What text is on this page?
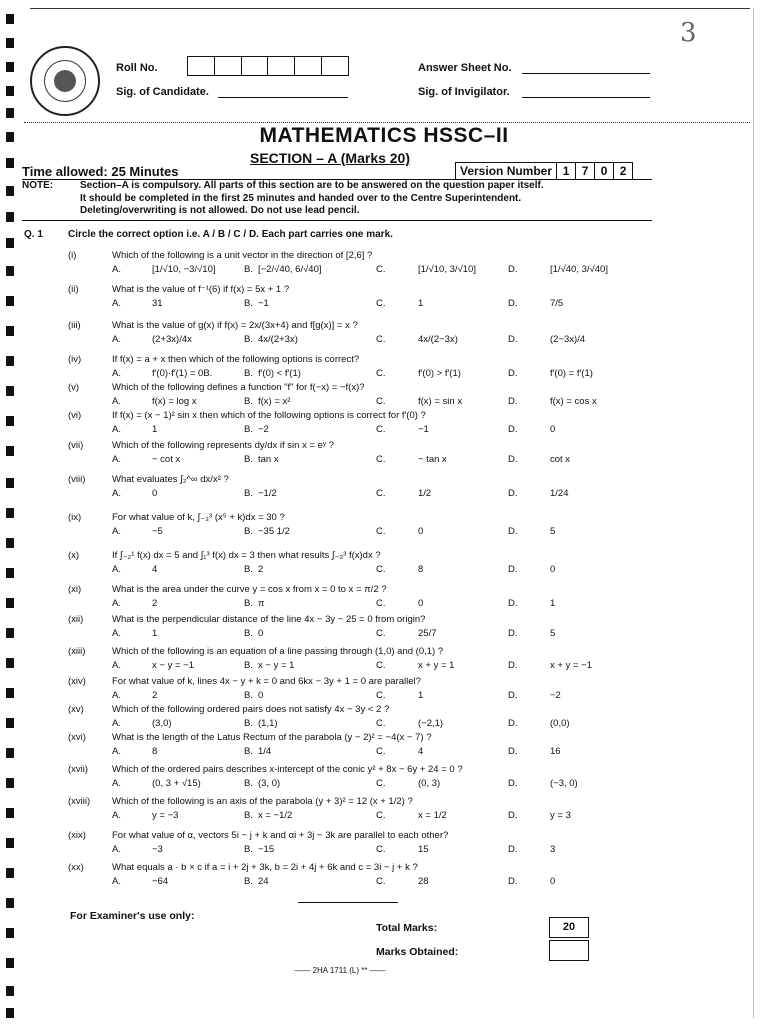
3
Roll No.
Sig. of Candidate.
Answer Sheet No.
Sig. of Invigilator.
MATHEMATICS HSSC–II
SECTION – A (Marks 20)
Time allowed: 25 Minutes	Version Number 1	7	0	2
NOTE:	Section–A is compulsory. All parts of this section are to be answered on the question paper itself.
It should be completed in the first 25 minutes and handed over to the Centre Superintendent.
Deleting/overwriting is not allowed. Do not use lead pencil.
Q. 1	Circle the correct option i.e. A / B / C / D. Each part carries one mark.
(i)	Which of the following is a unit vector in the direction of [2,6] ?
A.	[1/√10, −3/√10]	B. [−2/√40, 6/√40]	C.	[1/√10, 3/√10]	D.	[1/√40, 3/√40]
(ii)	What is the value of f⁻¹(6) if f(x) = 5x + 1 ?
A.	31	B. −1	C.	1	D.	7/5
(iii)	What is the value of g(x) if f(x) = 2x/(3x+4) and f[g(x)] = x ?
A.	(2+3x)/4x	B. 4x/(2+3x)	C.	4x/(2−3x)	D.	(2−3x)/4
(iv)	If f(x) = a + x then which of the following options is correct?
A.	f′(0)·f′(1) = 0B.	B. f′(0) < f′(1)	C.	f′(0) > f′(1)	D.	f′(0) = f′(1)
(v)	Which of the following defines a function "f" for f(−x) = −f(x)?
A.	f(x) = log x	B. f(x) = x²	C.	f(x) = sin x	D.	f(x) = cos x
(vi)	If f(x) = (x − 1)² sin x then which of the following options is correct for f′(0) ?
A.	1	B. −2	C.	−1	D.	0
(vii)	Which of the following represents dy/dx if sin x = eʸ ?
A.	− cot x	B. tan x	C.	− tan x	D.	cot x
(viii)	What evaluates ∫₂^∞ dx/x² ?
A.	0	B. −1/2	C.	1/2	D.	1/24
(ix)	For what value of k, ∫₋₃³ (x⁵ + k)dx = 30 ?
A.	−5	B. −35 1/2	C.	0	D.	5
(x)	If ∫₋₂¹ f(x) dx = 5 and ∫₁³ f(x) dx = 3 then what results ∫₋₂³ f(x)dx ?
A.	4	B. 2	C.	8	D.	0
(xi)	What is the area under the curve y = cos x from x = 0 to x = π/2 ?
A.	2	B. π	C.	0	D.	1
(xii)	What is the perpendicular distance of the line 4x − 3y − 25 = 0 from origin?
A.	1	B. 0	C.	25/7	D.	5
(xiii)	Which of the following is an equation of a line passing through (1,0) and (0,1) ?
A.	x − y = −1	B. x − y = 1	C.	x + y = 1	D.	x + y = −1
(xiv)	For what value of k, lines 4x − y + k = 0 and 6kx − 3y + 1 = 0 are parallel?
A.	2	B. 0	C.	1	D.	−2
(xv)	Which of the following ordered pairs does not satisfy 4x − 3y < 2 ?
A.	(3,0)	B. (1,1)	C.	(−2,1)	D.	(0,0)
(xvi)	What is the length of the Latus Rectum of the parabola (y − 2)² = −4(x − 7) ?
A.	8	B. 1/4	C.	4	D.	16
(xvii)	Which of the ordered pairs describes x-intercept of the conic y² + 8x − 6y + 24 = 0 ?
A.	(0, 3 + √15)	B. (3, 0)	C.	(0, 3)	D.	(−3, 0)
(xviii) Which of the following is an axis of the parabola (y + 3)² = 12 (x + 1/2) ?
A.	y = −3	B. x = −1/2	C.	x = 1/2	D.	y = 3
(xix)	For what value of α, vectors 5i − j + k and αi + 3j − 3k are parallel to each other?
A.	−3	B. −15	C.	15	D.	3
(xx)	What equals a · b × c if a = i + 2j + 3k, b = 2i + 4j + 6k and c = 3i − j + k ?
A.	−64	B. 24	C.	28	D.	0
For Examiner's use only:
Total Marks:	20
Marks Obtained:
—— 2HA 1711 (L) ** ——
